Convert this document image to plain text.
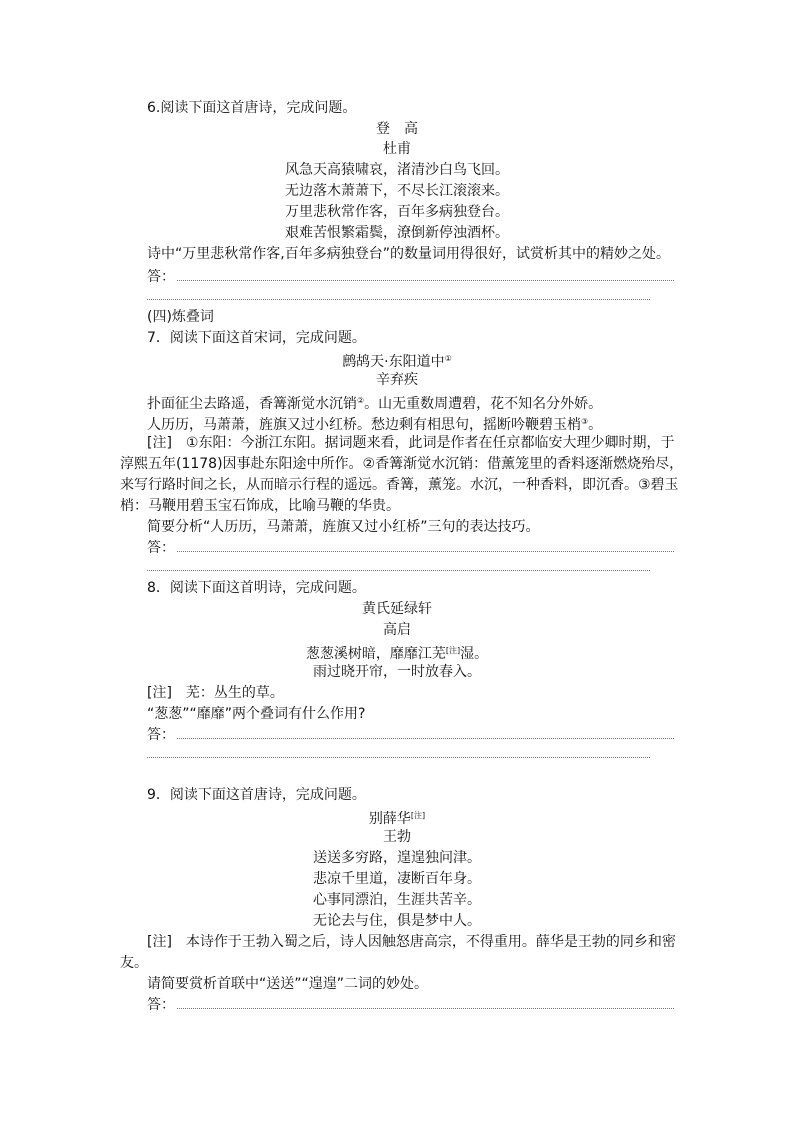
6.阅读下面这首唐诗，完成问题。
登　高
杜甫
风急天高猿啸哀，渚清沙白鸟飞回。
无边落木萧萧下，不尽长江滚滚来。
万里悲秋常作客，百年多病独登台。
艰难苦恨繁霜鬓，潦倒新停浊酒杯。
诗中“万里悲秋常作客,百年多病独登台”的数量词用得很好，试赏析其中的精妙之处。
答：
(四)炼叠词
7．阅读下面这首宋词，完成问题。
鹧鸪天·东阳道中①
辛弃疾
扑面征尘去路遥，香篝渐觉水沉销②。山无重数周遭碧，花不知名分外娇。
人历历，马萧萧，旌旗又过小红桥。愁边剩有相思句，摇断吟鞭碧玉梢③。
[注]　①东阳：今浙江东阳。据词题来看，此词是作者在任京都临安大理少卿时期，于
淳熙五年(1178)因事赴东阳途中所作。②香篝渐觉水沉销：借薰笼里的香料逐渐燃烧殆尽，
来写行路时间之长，从而暗示行程的遥远。香篝，薰笼。水沉，一种香料，即沉香。③碧玉
梢：马鞭用碧玉宝石饰成，比喻马鞭的华贵。
简要分析“人历历，马萧萧，旌旗又过小红桥”三句的表达技巧。
答：
8．阅读下面这首明诗，完成问题。
黄氏延绿轩
高启
葱葱溪树暗，靡靡江芜[注]湿。
雨过晓开帘，一时放春入。
[注]　芜：丛生的草。
“葱葱”“靡靡”两个叠词有什么作用?
答：
9．阅读下面这首唐诗，完成问题。
别薛华[注]
王勃
送送多穷路，遑遑独问津。
悲凉千里道，凄断百年身。
心事同漂泊，生涯共苦辛。
无论去与住，俱是梦中人。
[注]　本诗作于王勃入蜀之后，诗人因触怒唐高宗，不得重用。薛华是王勃的同乡和密
友。
请简要赏析首联中“送送”“遑遑”二词的妙处。
答：
